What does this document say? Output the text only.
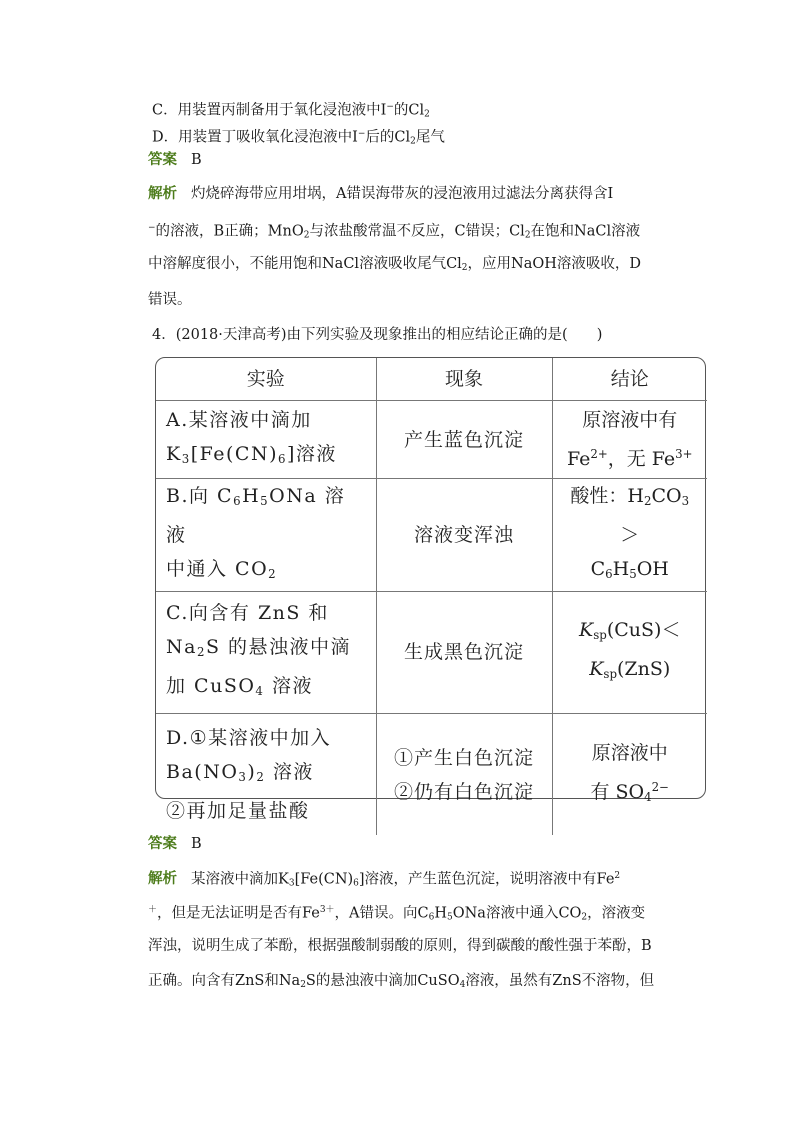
C．用装置丙制备用于氧化浸泡液中I−的$Cl_2$
D．用装置丁吸收氧化浸泡液中I−后的$Cl_2$尾气
答案 B
解析 灼烧碎海带应用坩埚，A错误海带灰的浸泡液用过滤法分离获得含I
−的溶液，B正确；MnO$_2$与浓盐酸常温不反应，C错误；$Cl_2$在饱和NaCl溶液
中溶解度很小，不能用饱和NaCl溶液吸收尾气$Cl_2$，应用NaOH溶液吸收，D
错误。
4．(2018·天津高考)由下列实验及现象推出的相应结论正确的是(　　)
实验	现象	结论

A.某溶液中滴加
$K_3[Fe(CN)_6]$溶液	产生蓝色沉淀	原溶液中有
$Fe^{2+}$，无 $Fe^{3+}$

B.向 $C_6H_5ONa$ 溶液
中通入 $CO_2$	溶液变浑浊	酸性：$H_2CO_3>$
$C_6H_5OH$

C.向含有 ZnS 和
$Na_2S$ 的悬浊液中滴
加 CuSO$_4$ 溶液	生成黑色沉淀	$K_{sp}(CuS)<$
$K_{sp}(ZnS)$

D.①某溶液中加入
$Ba(NO_3)_2$ 溶液
②再加足量盐酸	①产生白色沉淀
②仍有白色沉淀	原溶液中
有 $SO_4^{2-}$
答案 B
解析 某溶液中滴加$K_3[Fe(CN)_6]$溶液，产生蓝色沉淀，说明溶液中有Fe$^2$
＋，但是无法证明是否有$Fe^{3+}$，A错误。向$C_6H_5ONa$溶液中通入$CO_2$，溶液变
浑浊，说明生成了苯酚，根据强酸制弱酸的原则，得到碳酸的酸性强于苯酚，B
正确。向含有ZnS和$Na_2S$的悬浊液中滴加CuSO$_4$溶液，虽然有ZnS不溶物，但
